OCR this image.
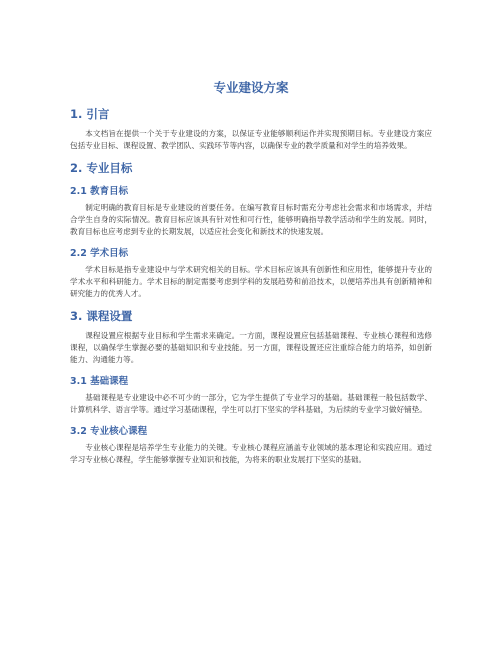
专业建设方案
1. 引言

本文档旨在提供一个关于专业建设的方案，以保证专业能够顺利运作并实现预期目标。专业建设方案应包括专业目标、课程设置、教学团队、实践环节等内容，以确保专业的教学质量和对学生的培养效果。

2. 专业目标
2.1 教育目标

制定明确的教育目标是专业建设的首要任务。在编写教育目标时需充分考虑社会需求和市场需求，并结合学生自身的实际情况。教育目标应该具有针对性和可行性，能够明确指导教学活动和学生的发展。同时，教育目标也应考虑到专业的长期发展，以适应社会变化和新技术的快速发展。

2.2 学术目标

学术目标是指专业建设中与学术研究相关的目标。学术目标应该具有创新性和应用性，能够提升专业的学术水平和科研能力。学术目标的制定需要考虑到学科的发展趋势和前沿技术，以便培养出具有创新精神和研究能力的优秀人才。

3. 课程设置

课程设置应根据专业目标和学生需求来确定。一方面，课程设置应包括基础课程、专业核心课程和选修课程，以确保学生掌握必要的基础知识和专业技能。另一方面，课程设置还应注重综合能力的培养，如创新能力、沟通能力等。

3.1 基础课程

基础课程是专业建设中必不可少的一部分，它为学生提供了专业学习的基础。基础课程一般包括数学、计算机科学、语言学等。通过学习基础课程，学生可以打下坚实的学科基础，为后续的专业学习做好铺垫。

3.2 专业核心课程

专业核心课程是培养学生专业能力的关键。专业核心课程应涵盖专业领域的基本理论和实践应用。通过学习专业核心课程，学生能够掌握专业知识和技能，为将来的职业发展打下坚实的基础。
